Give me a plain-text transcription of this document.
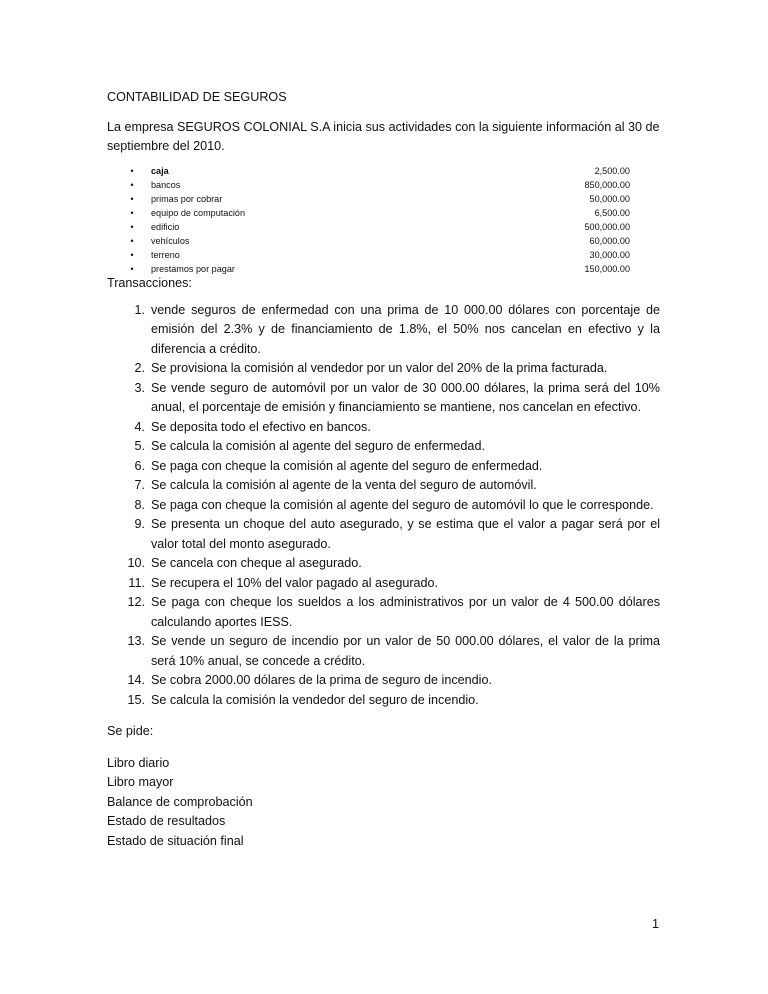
CONTABILIDAD DE SEGUROS

La empresa SEGUROS COLONIAL S.A inicia sus actividades con la siguiente información al 30 de septiembre del 2010.

•	caja	2,500.00
•	bancos	850,000.00
•	primas por cobrar	50,000.00
•	equipo de computación	6,500.00
•	edificio	500,000.00
•	vehículos	60,000.00
•	terreno	30,000.00
•	prestamos por pagar	150,000.00

Transacciones:

1. vende seguros de enfermedad con una prima de 10 000.00 dólares con porcentaje de emisión del 2.3% y de financiamiento de 1.8%, el 50% nos cancelan en efectivo y la diferencia a crédito.
2. Se provisiona la comisión al vendedor por un valor del 20% de la prima facturada.
3. Se vende seguro de automóvil por un valor de 30 000.00 dólares, la prima será del 10% anual, el porcentaje de emisión y financiamiento se mantiene, nos cancelan en efectivo.
4. Se deposita todo el efectivo en bancos.
5. Se calcula la comisión al agente del seguro de enfermedad.
6. Se paga con cheque la comisión al agente del seguro de enfermedad.
7. Se calcula la comisión al agente de la venta del seguro de automóvil.
8. Se paga con cheque la comisión al agente del seguro de automóvil lo que le corresponde.
9. Se presenta un choque del auto asegurado, y se estima que el valor a pagar será por el valor total del monto asegurado.
10. Se cancela con cheque al asegurado.
11. Se recupera el 10% del valor pagado al asegurado.
12. Se paga con cheque los sueldos a los administrativos por un valor de 4 500.00 dólares calculando aportes IESS.
13. Se vende un seguro de incendio por un valor de 50 000.00 dólares, el valor de la prima será 10% anual, se concede a crédito.
14. Se cobra 2000.00 dólares de la prima de seguro de incendio.
15. Se calcula la comisión la vendedor del seguro de incendio.

Se pide:

Libro diario
Libro mayor
Balance de comprobación
Estado de resultados
Estado de situación final
1
